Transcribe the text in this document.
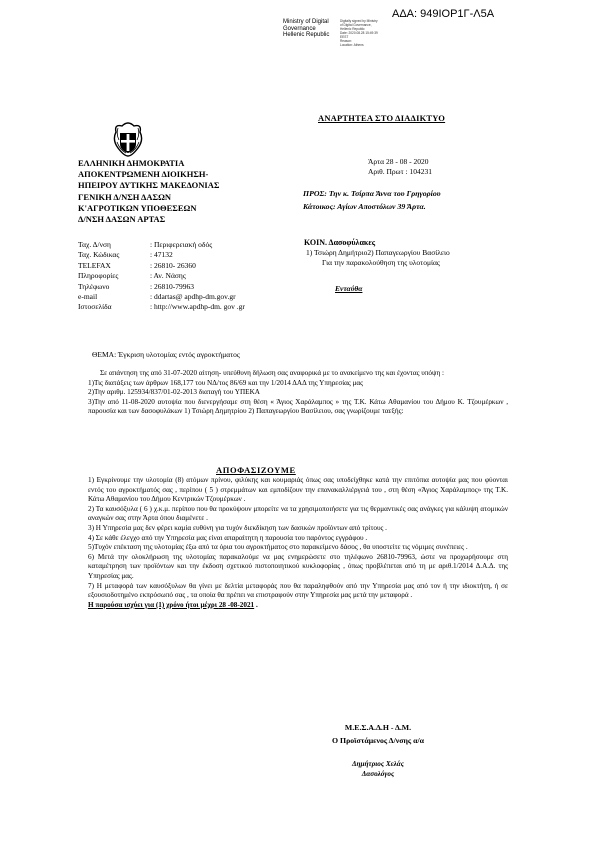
ΑΔΑ: 949ΙΟΡ1Γ-Λ5Α
Ministry of Digital
Governance
Hellenic Republic
Digitally signed by Ministry
of Digital Governance,
Hellenic Republic
Date: 2020.08.28 15:49:39
EEST
Reason:
Location: Athens
ΑΝΑΡΤΗΤΕΑ ΣΤΟ ΔΙΑΔΙΚΤΥΟ
ΕΛΛΗΝΙΚΗ ΔΗΜΟΚΡΑΤΙΑ
ΑΠΟΚΕΝΤΡΩΜΕΝΗ ΔΙΟΙΚΗΣΗ-
ΗΠΕΙΡΟΥ ΔΥΤΙΚΗΣ ΜΑΚΕΔΟΝΙΑΣ
ΓΕΝΙΚΗ Δ/ΝΣΗ ΔΑΣΩΝ
Κ'ΑΓΡΟΤΙΚΩΝ ΥΠΟΘΕΣΕΩΝ
Δ/ΝΣΗ ΔΑΣΩΝ ΑΡΤΑΣ
Άρτα 28 - 08 - 2020
Αριθ. Πρωτ : 104231
ΠΡΟΣ: Την κ. Τσίρπα Άννα του Γρηγορίου
Κάτοικος: Αγίων Αποστόλων 39 Άρτα.
Ταχ. Δ/νση	: Περιφερειακή οδός
Ταχ. Κώδικας	: 47132
TELEFAX	: 26810- 26360
Πληροφορίες	: Αν. Νάσης
Τηλέφωνο	: 26810-79963
e-mail	: ddartas@ apdhp-dm.gov.gr
Ιστοσελίδα	: http://www.apdhp-dm. gov .gr
ΚΟΙΝ. Δασοφύλακες
1) Τσιώρη Δημήτριο2) Παπαγεωργίου Βασίλειο
Για την παρακολούθηση της υλοτομίας
Ενταύθα
ΘΕΜΑ: Έγκριση υλοτομίας εντός αγροκτήματος

Σε απάντηση της από 31-07-2020 αίτηση- υπεύθυνη δήλωση σας αναφορικά με το ανακείμενο της και έχοντας υπόψη :

1)Τις διατάξεις των άρθρων 168,177 του ΝΔ/τος 86/69 και την 1/2014 ΔΑΔ της Υπηρεσίας μας

2)Την αριθμ. 125934/837/01-02-2013 διαταγή του ΥΠΕΚΑ

3)Την από 11-08-2020 αυτοψία που διενεργήσαμε στη θέση « Άγιος Χαράλαμπος » της Τ.Κ. Κάτω Αθαμανίου του Δήμου Κ. Τζουμέρκων , παρουσία και των δασοφυλάκων 1) Τσιώρη Δημητρίου 2) Παπαγεωργίου Βασίλειου, σας γνωρίζουμε ταεξής:

ΑΠΟΦΑΣΙΖΟΥΜΕ

1) Εγκρίνουμε την υλοτομία (8) ατόμων πρίνου, φιλύκης και κουμαριάς όπως σας υποδείχθηκε κατά την επιτόπια αυτοψία μας που φύονται εντός του αγροκτήματός σας , περίπου ( 5 ) στρεμμάτων και εμποδίζουν την επανακαλλιέργειά του , στη θέση «Άγιος Χαράλαμπος» της Τ.Κ. Κάτω Αθαμανίου του Δήμου Κεντρικών Τζουμέρκων .

2) Τα καυσόξυλα ( 6 ) χ.κ.μ. περίπου που θα προκύψουν μπορείτε να τα χρησιμοποιήσετε για τις θερμαντικές σας ανάγκες για κάλυψη ατομικών αναγκών σας στην Άρτα όπου διαμένετε .

3) Η Υπηρεσία μας δεν φέρει καμία ευθύνη για τυχόν διεκδίκηση των δασικών προϊόντων από τρίτους .

4) Σε κάθε έλεγχο από την Υπηρεσία μας είναι απαραίτητη η παρουσία του παρόντος εγγράφου .

5)Τυχόν επέκταση της υλοτομίας έξω από τα όρια του αγροκτήματος στο παρακείμενο δάσος , θα υποστείτε τις νόμιμες συνέπειες .

6) Μετά την ολοκλήρωση της υλοτομίας παρακαλούμε να μας ενημερώσετε στο τηλέφωνο 26810-79963, ώστε να προχωρήσουμε στη καταμέτρηση των προϊόντων και την έκδοση σχετικού πιστοποιητικού κυκλοφορίας , όπως προβλέπεται από τη με αριθ.1/2014 Δ.Α.Δ. της Υπηρεσίας μας.

7) Η μεταφορά των καυσόξυλων θα γίνει με δελτία μεταφοράς που θα παραληφθούν από την Υπηρεσία μας από τον ή την ιδιοκτήτη, ή σε εξουσιοδοτημένο εκπρόσωπό σας , τα οποία θα πρέπει να επιστραφούν στην Υπηρεσία μας μετά την μεταφορά .

Η παρούσα ισχύει για (1) χρόνο ήτοι μέχρι 28 -08-2021 .

Μ.Ε.Σ.Α.Δ.Η - Δ.Μ.
Ο Προϊστάμενος Δ/νσης α/α
Δημήτριος Χελάς
Δασολόγος
